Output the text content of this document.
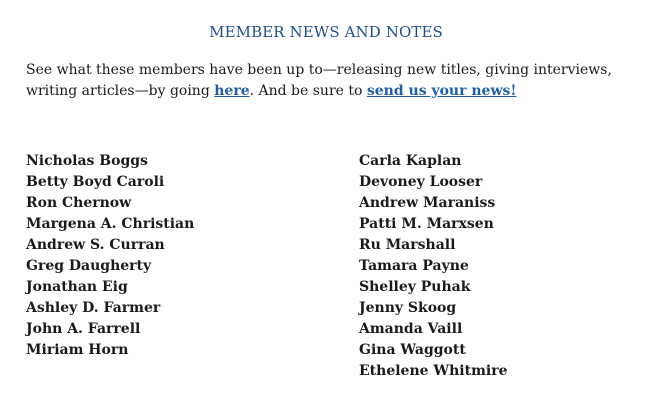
MEMBER NEWS AND NOTES

See what these members have been up to—releasing new titles, giving interviews, writing articles—by going here. And be sure to send us your news!

Nicholas Boggs
Betty Boyd Caroli
Ron Chernow
Margena A. Christian
Andrew S. Curran
Greg Daugherty
Jonathan Eig
Ashley D. Farmer
John A. Farrell
Miriam Horn
Carla Kaplan
Devoney Looser
Andrew Maraniss
Patti M. Marxsen
Ru Marshall
Tamara Payne
Shelley Puhak
Jenny Skoog
Amanda Vaill
Gina Waggott
Ethelene Whitmire
